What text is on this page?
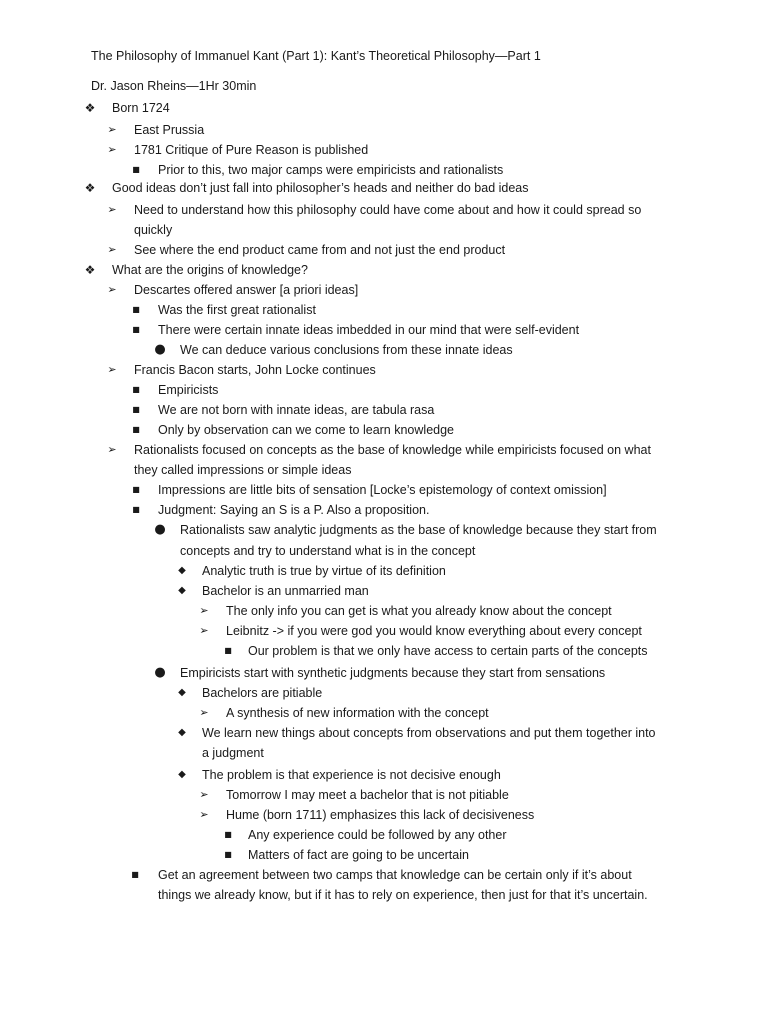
The Philosophy of Immanuel Kant (Part 1): Kant’s Theoretical Philosophy—Part 1
Dr. Jason Rheins—1Hr 30min
❖ Born 1724
➢ East Prussia
➢ 1781 Critique of Pure Reason is published
■ Prior to this, two major camps were empiricists and rationalists
❖ Good ideas don’t just fall into philosopher’s heads and neither do bad ideas
➢ Need to understand how this philosophy could have come about and how it could spread so
quickly
➢ See where the end product came from and not just the end product
❖ What are the origins of knowledge?
➢ Descartes offered answer [a priori ideas]
■ Was the first great rationalist
■ There were certain innate ideas imbedded in our mind that were self-evident
● We can deduce various conclusions from these innate ideas
➢ Francis Bacon starts, John Locke continues
■ Empiricists
■ We are not born with innate ideas, are tabula rasa
■ Only by observation can we come to learn knowledge
➢ Rationalists focused on concepts as the base of knowledge while empiricists focused on what
they called impressions or simple ideas
■ Impressions are little bits of sensation [Locke’s epistemology of context omission]
■ Judgment: Saying an S is a P. Also a proposition.
● Rationalists saw analytic judgments as the base of knowledge because they start from
concepts and try to understand what is in the concept
◆ Analytic truth is true by virtue of its definition
◆ Bachelor is an unmarried man
➢ The only info you can get is what you already know about the concept
➢ Leibnitz -> if you were god you would know everything about every concept
■ Our problem is that we only have access to certain parts of the concepts
● Empiricists start with synthetic judgments because they start from sensations
◆ Bachelors are pitiable
➢ A synthesis of new information with the concept
◆ We learn new things about concepts from observations and put them together into
a judgment
◆ The problem is that experience is not decisive enough
➢ Tomorrow I may meet a bachelor that is not pitiable
➢ Hume (born 1711) emphasizes this lack of decisiveness
■ Any experience could be followed by any other
■ Matters of fact are going to be uncertain
■ Get an agreement between two camps that knowledge can be certain only if it’s about
things we already know, but if it has to rely on experience, then just for that it’s uncertain.
